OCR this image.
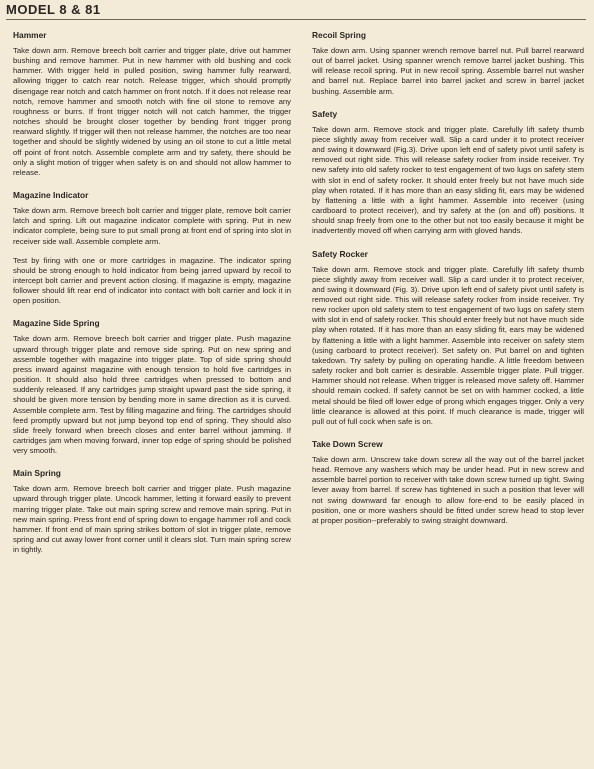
MODEL 8 & 81
Hammer

Take down arm. Remove breech bolt carrier and trigger plate, drive out hammer bushing and remove hammer. Put in new hammer with old bushing and cock hammer. With trigger held in pulled position, swing hammer fully rearward, allowing trigger to catch rear notch. Release trigger, which should promptly disengage rear notch and catch hammer on front notch. If it does not release rear notch, remove hammer and smooth notch with fine oil stone to remove any roughness or burrs. If front trigger notch will not catch hammer, the trigger notches should be brought closer together by bending front trigger prong rearward slightly. If trigger will then not release hammer, the notches are too near together and should be slightly widened by using an oil stone to cut a little metal off point of front notch. Assemble complete arm and try safety, there should be only a slight motion of trigger when safety is on and should not allow hammer to release.

Magazine Indicator

Take down arm. Remove breech bolt carrier and trigger plate, remove bolt carrier latch and spring. Lift out magazine indicator complete with spring. Put in new indicator complete, being sure to put small prong at front end of spring into slot in receiver side wall. Assemble complete arm.

Test by firing with one or more cartridges in magazine. The indicator spring should be strong enough to hold indicator from being jarred upward by recoil to intercept bolt carrier and prevent action closing. If magazine is empty, magazine follower should lift rear end of indicator into contact with bolt carrier and lock it in open position.

Magazine Side Spring

Take down arm. Remove breech bolt carrier and trigger plate. Push magazine upward through trigger plate and remove side spring. Put on new spring and assemble together with magazine into trigger plate. Top of side spring should press inward against magazine with enough tension to hold five cartridges in position. It should also hold three cartridges when pressed to bottom and suddenly released. If any cartridges jump straight upward past the side spring, it should be given more tension by bending more in same direction as it is curved. Assemble complete arm. Test by filling magazine and firing. The cartridges should feed promptly upward but not jump beyond top end of spring. They should also slide freely forward when breech closes and enter barrel without jamming. If cartridges jam when moving forward, inner top edge of spring should be polished very smooth.

Main Spring

Take down arm. Remove breech bolt carrier and trigger plate. Push magazine upward through trigger plate. Uncock hammer, letting it forward easily to prevent marring trigger plate. Take out main spring screw and remove main spring. Put in new main spring. Press front end of spring down to engage hammer roll and cock hammer. If front end of main spring strikes bottom of slot in trigger plate, remove spring and cut away lower front corner until it clears slot. Turn main spring screw in tightly.

Recoil Spring

Take down arm. Using spanner wrench remove barrel nut. Pull barrel rearward out of barrel jacket. Using spanner wrench remove barrel jacket bushing. This will release recoil spring. Put in new recoil spring. Assemble barrel nut washer and barrel nut. Replace barrel into barrel jacket and screw in barrel jacket bushing. Assemble arm.

Safety

Take down arm. Remove stock and trigger plate. Carefully lift safety thumb piece slightly away from receiver wall. Slip a card under it to protect receiver and swing it downward (Fig.3). Drive upon left end of safety pivot until safety is removed out right side. This will release safety rocker from inside receiver. Try new safety into old safety rocker to test engagement of two lugs on safety stem with slot in end of safety rocker. It should enter freely but not have much side play when rotated. If it has more than an easy sliding fit, ears may be widened by flattening a little with a light hammer. Assemble into receiver (using cardboard to protect receiver), and try safety at the (on and off) positions. It should snap freely from one to the other but not too easily because it might be inadvertently moved off when carrying arm with gloved hands.

Safety Rocker

Take down arm. Remove stock and trigger plate. Carefully lift safety thumb piece slightly away from receiver wall. Slip a card under it to protect receiver, and swing it downward (Fig. 3). Drive upon left end of safety pivot until safety is removed out right side. This will release safety rocker from inside receiver. Try new rocker upon old safety stem to test engagement of two lugs on safety stem with slot in end of safety rocker. This should enter freely but not have much side play when rotated. If it has more than an easy sliding fit, ears may be widened by flattening a little with a light hammer. Assemble into receiver on safety stem (using carboard to protect receiver). Set safety on. Put barrel on and tighten takedown. Try safety by pulling on operating handle. A little freedom between safety rocker and bolt carrier is desirable. Assemble trigger plate. Pull trigger. Hammer should not release. When trigger is released move safety off. Hammer should remain cocked. If safety cannot be set on with hammer cocked, a little metal should be filed off lower edge of prong which engages trigger. Only a very little clearance is allowed at this point. If much clearance is made, trigger will pull out of full cock when safe is on.

Take Down Screw

Take down arm. Unscrew take down screw all the way out of the barrel jacket head. Remove any washers which may be under head. Put in new screw and assemble barrel portion to receiver with take down screw turned up tight. Swing lever away from barrel. If screw has tightened in such a position that lever will not swing downward far enough to allow fore-end to be easily placed in position, one or more washers should be fitted under screw head to stop lever at proper position--preferably to swing straight downward.
